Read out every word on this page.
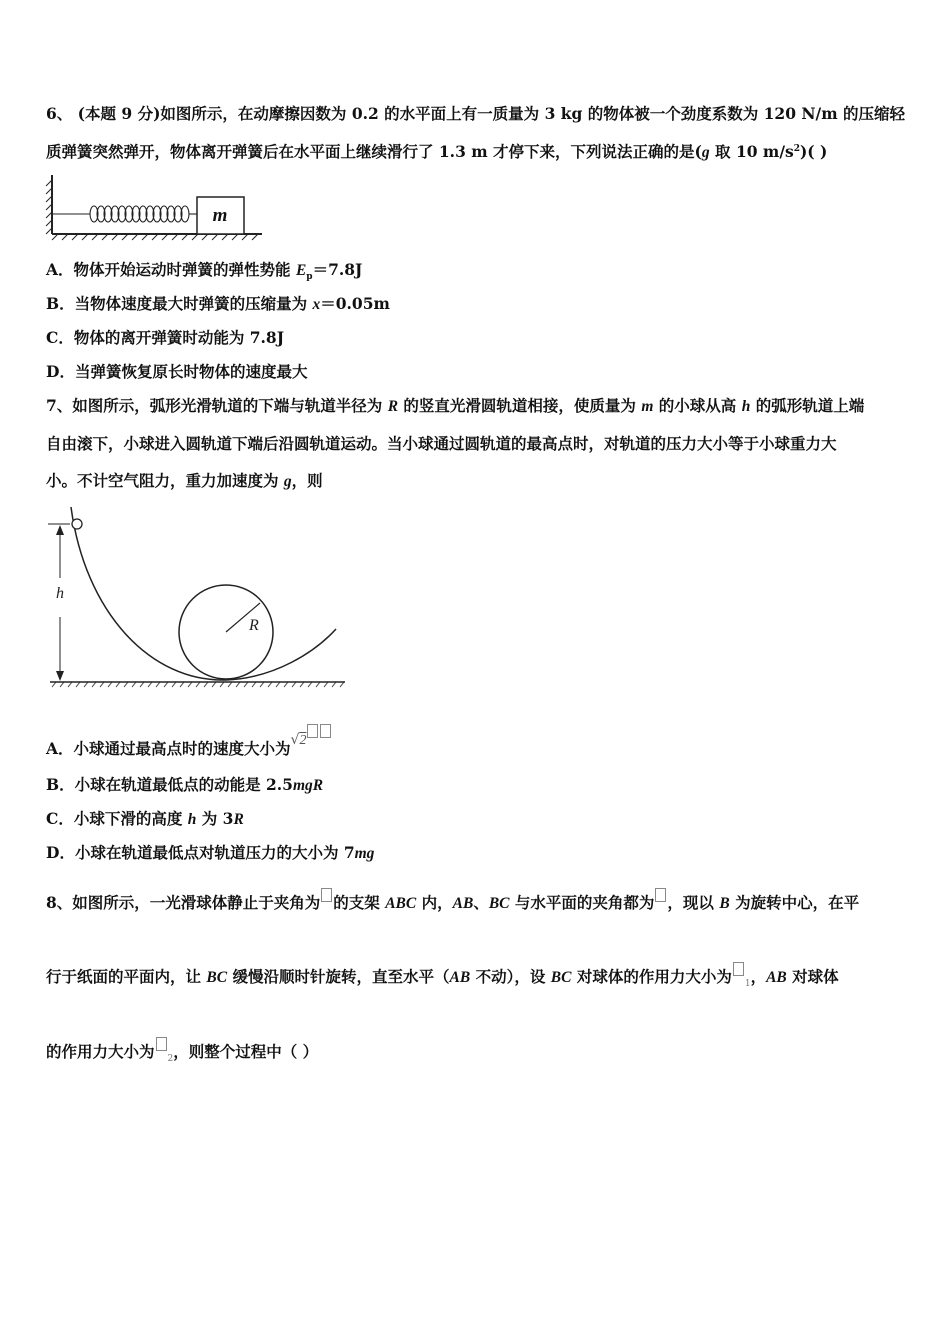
6、 (本题 9 分)如图所示，在动摩擦因数为 0.2 的水平面上有一质量为 3 kg 的物体被一个劲度系数为 120 N/m 的压缩轻
质弹簧突然弹开，物体离开弹簧后在水平面上继续滑行了 1.3 m 才停下来，下列说法正确的是(g 取 10 $m/s^2$)( )
m
A．物体开始运动时弹簧的弹性势能 $E_p=7.8J$
B．当物体速度最大时弹簧的压缩量为 x＝0.05m
C．物体的离开弹簧时动能为 7.8J
D．当弹簧恢复原长时物体的速度最大
7、如图所示，弧形光滑轨道的下端与轨道半径为 R 的竖直光滑圆轨道相接，使质量为 m 的小球从高 h 的弧形轨道上端
自由滚下，小球进入圆轨道下端后沿圆轨道运动。当小球通过圆轨道的最高点时，对轨道的压力大小等于小球重力大
小。不计空气阻力，重力加速度为 g，则
R
h
A．小球通过最高点时的速度大小为√2
B．小球在轨道最低点的动能是 2.5mgR
C．小球下滑的高度 h 为 3R
D．小球在轨道最低点对轨道压力的大小为 7mg
8、如图所示，一光滑球体静止于夹角为 的支架 ABC 内，AB、BC 与水平面的夹角都为 ，现以 B 为旋转中心，在平
行于纸面的平面内，让 BC 缓慢沿顺时针旋转，直至水平（AB 不动），设 BC 对球体的作用力大小为 $_1$，AB 对球体
的作用力大小为 $_2$，则整个过程中（ ）
